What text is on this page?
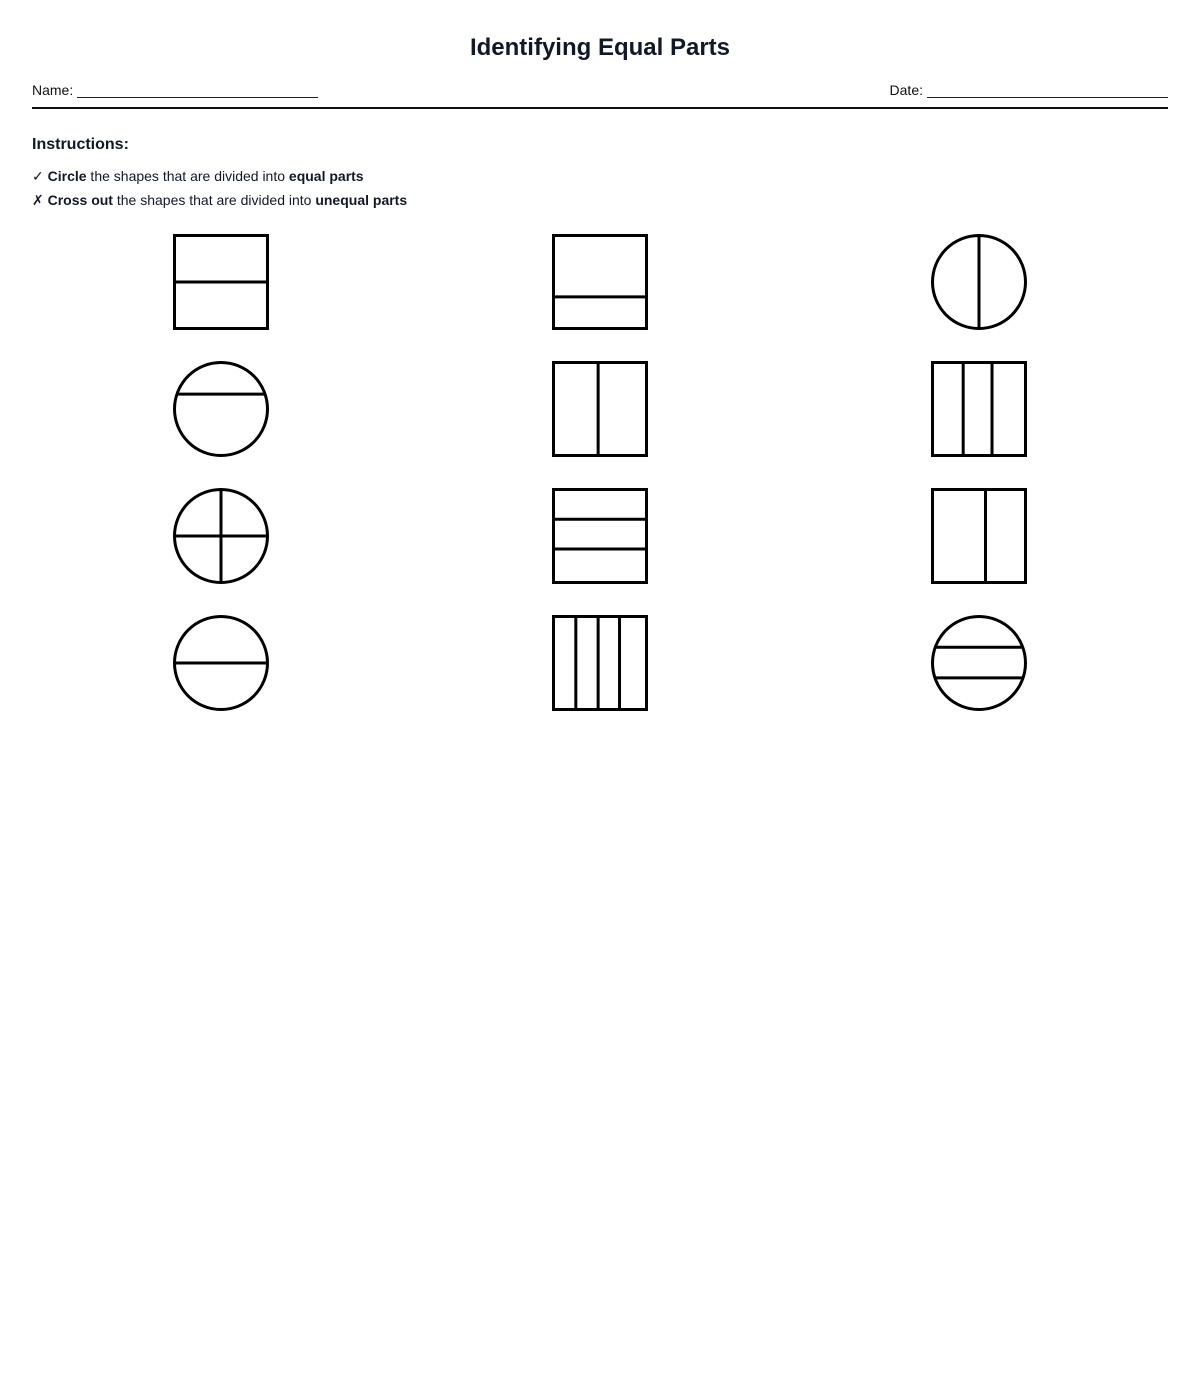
Identifying Equal Parts
Name:	Date:
Instructions:
✓ Circle the shapes that are divided into equal parts
✗ Cross out the shapes that are divided into unequal parts
